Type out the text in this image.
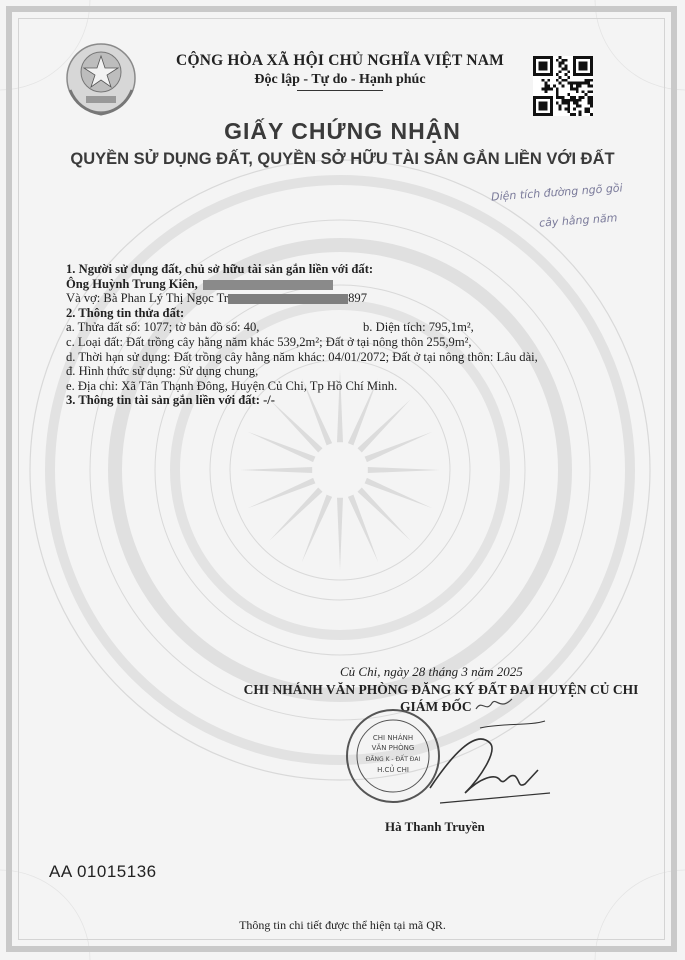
CỘNG HÒA XÃ HỘI CHỦ NGHĨA VIỆT NAM
Độc lập - Tự do - Hạnh phúc
GIẤY CHỨNG NHẬN
QUYỀN SỬ DỤNG ĐẤT, QUYỀN SỞ HỮU TÀI SẢN GẮN LIỀN VỚI ĐẤT
Diện tích đường ngõ gồi
cây hằng năm
1. Người sử dụng đất, chủ sở hữu tài sản gắn liền với đất:
Ông Huỳnh Trung Kiên,
Và vợ: Bà Phan Lý Thị Ngọc Tr	897
2. Thông tin thửa đất:
a. Thửa đất số: 1077; tờ bản đồ số: 40,	b. Diện tích: 795,1m²,
c. Loại đất: Đất trồng cây hằng năm khác 539,2m²; Đất ở tại nông thôn 255,9m²,
d. Thời hạn sử dụng: Đất trồng cây hằng năm khác: 04/01/2072; Đất ở tại nông thôn: Lâu dài,
đ. Hình thức sử dụng: Sử dụng chung,
e. Địa chỉ: Xã Tân Thạnh Đông, Huyện Củ Chi, Tp Hồ Chí Minh.
3. Thông tin tài sản gắn liền với đất: -/-
Củ Chi, ngày 28 tháng 3 năm 2025
CHI NHÁNH VĂN PHÒNG ĐĂNG KÝ ĐẤT ĐAI HUYỆN CỦ CHI
GIÁM ĐỐC
CHI NHÁNH
VĂN PHÒNG
ĐĂNG K - ĐẤT ĐAI
H.CỦ CHI
Hà Thanh Truyền
AA 01015136
Thông tin chi tiết được thể hiện tại mã QR.
